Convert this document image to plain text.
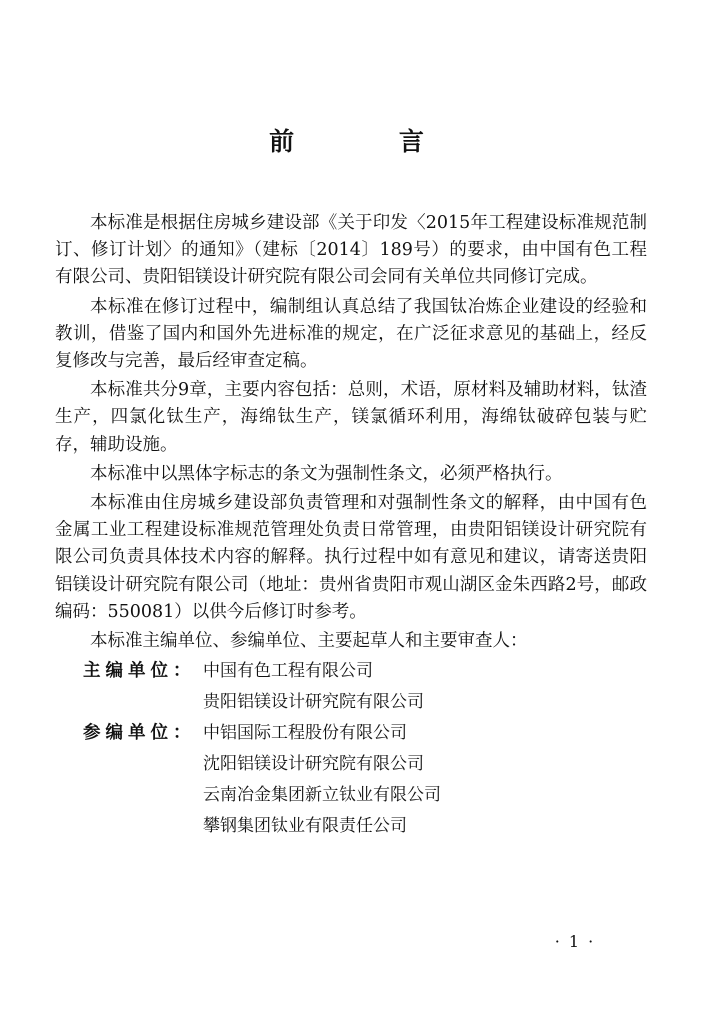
前 言

本标准是根据住房城乡建设部《关于印发〈2015年工程建设标准规范制订、修订计划〉的通知》（建标〔2014〕189号）的要求，由中国有色工程有限公司、贵阳铝镁设计研究院有限公司会同有关单位共同修订完成。

本标准在修订过程中，编制组认真总结了我国钛冶炼企业建设的经验和教训，借鉴了国内和国外先进标准的规定，在广泛征求意见的基础上，经反复修改与完善，最后经审查定稿。

本标准共分9章，主要内容包括：总则，术语，原材料及辅助材料，钛渣生产，四氯化钛生产，海绵钛生产，镁氯循环利用，海绵钛破碎包装与贮存，辅助设施。

本标准中以黑体字标志的条文为强制性条文，必须严格执行。

本标准由住房城乡建设部负责管理和对强制性条文的解释，由中国有色金属工业工程建设标准规范管理处负责日常管理，由贵阳铝镁设计研究院有限公司负责具体技术内容的解释。执行过程中如有意见和建议，请寄送贵阳铝镁设计研究院有限公司（地址：贵州省贵阳市观山湖区金朱西路2号，邮政编码：550081）以供今后修订时参考。

本标准主编单位、参编单位、主要起草人和主要审查人：

主编单位： 中国有色工程有限公司
贵阳铝镁设计研究院有限公司
参编单位： 中铝国际工程股份有限公司
沈阳铝镁设计研究院有限公司
云南冶金集团新立钛业有限公司
攀钢集团钛业有限责任公司
· 1 ·
